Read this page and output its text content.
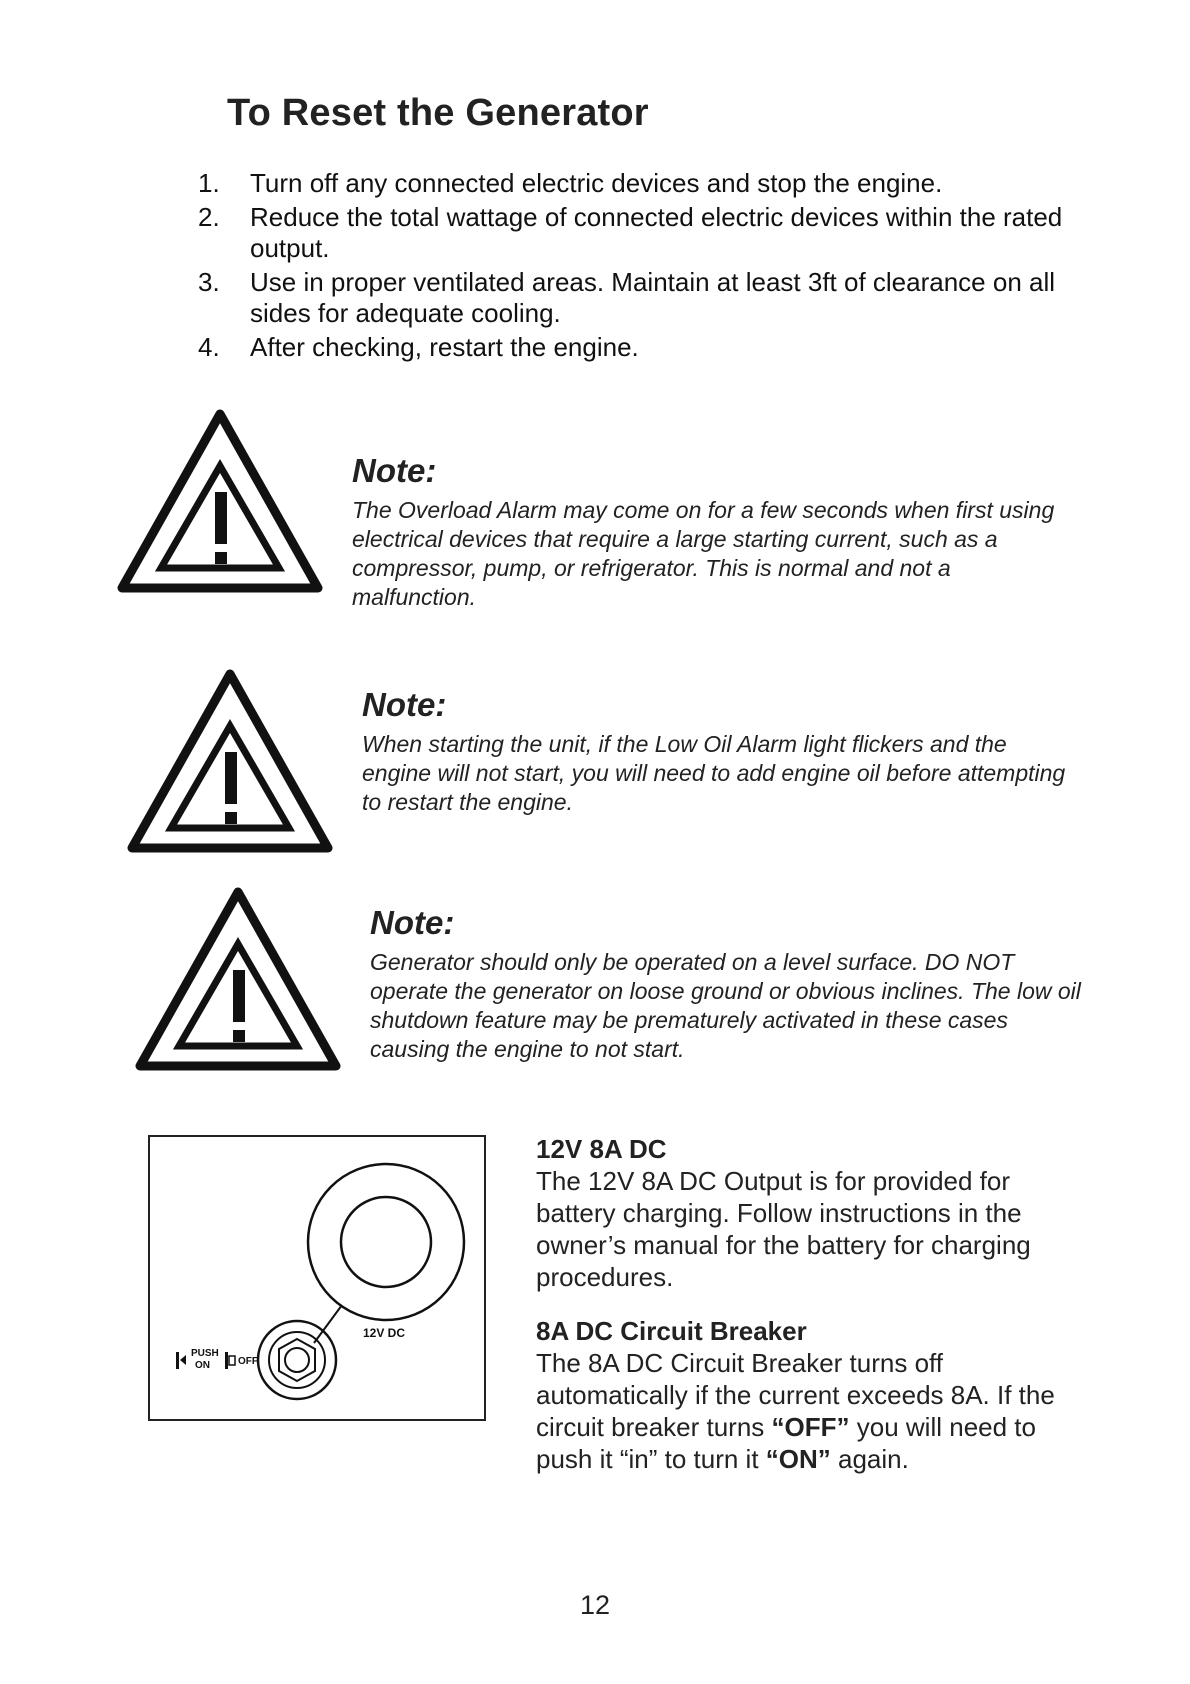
To Reset the Generator
1.	Turn off any connected electric devices and stop the engine.
2.	Reduce the total wattage of connected electric devices within the rated output.
3.	Use in proper ventilated areas. Maintain at least 3ft of clearance on all sides for adequate cooling.
4.	After checking, restart the engine.

Note:

The Overload Alarm may come on for a few seconds when first using electrical devices that require a large starting current, such as a compressor, pump, or refrigerator. This is normal and not a malfunction.

Note:

When starting the unit, if the Low Oil Alarm light flickers and the engine will not start, you will need to add engine oil before attempting to restart the engine.

Note:

Generator should only be operated on a level surface. DO NOT operate the generator on loose ground or obvious inclines. The low oil shutdown feature may be prematurely activated in these cases causing the engine to not start.
12V DC
PUSH
ON	OFF

12V 8A DC

The 12V 8A DC Output is for provided for battery charging. Follow instructions in the owner’s manual for the battery for charging procedures.

8A DC Circuit Breaker

The 8A DC Circuit Breaker turns off automatically if the current exceeds 8A. If the circuit breaker turns “OFF” you will need to push it “in” to turn it “ON” again.

12
